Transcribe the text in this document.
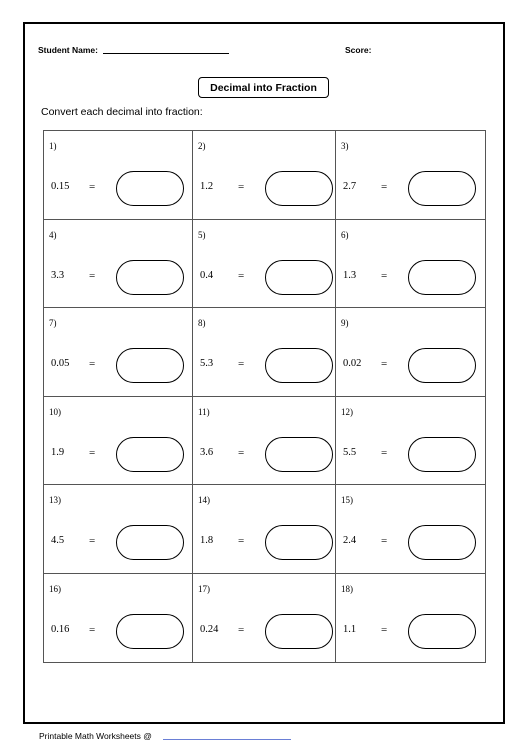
Student Name:	Score:
Decimal into Fraction
Convert each decimal into fraction:
1)
0.15 =
2)
1.2 =
3)
2.7 =
4)
3.3 =
5)
0.4 =
6)
1.3 =
7)
0.05 =
8)
5.3 =
9)
0.02 =
10)
1.9 =
11)
3.6 =
12)
5.5 =
13)
4.5 =
14)
1.8 =
15)
2.4 =
16)
0.16 =
17)
0.24 =
18)
1.1 =
Printable Math Worksheets @
